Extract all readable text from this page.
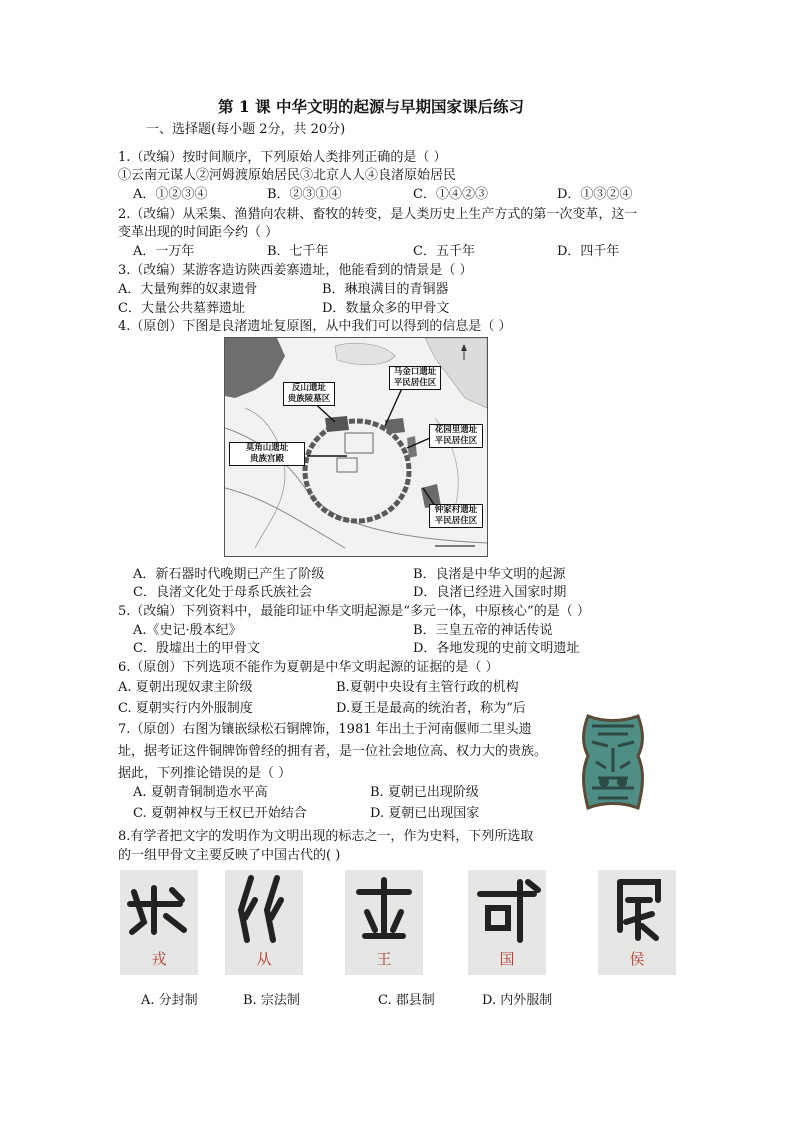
第 1 课 中华文明的起源与早期国家课后练习
一、选择题(每小题 2分，共 20分)
1.（改编）按时间顺序，下列原始人类排列正确的是（ ）
①云南元谋人②河姆渡原始居民③北京人人④良渚原始居民
A．①②③④	B．②③①④	C．①④②③	D．①③②④
2.（改编）从采集、渔猎向农耕、畜牧的转变，是人类历史上生产方式的第一次变革，这一
变革出现的时间距今约（ ）
A．一万年	B．七千年	C．五千年	D．四千年
3.（改编）某游客造访陕西姜寨遗址，他能看到的情景是（ ）
A．大量殉葬的奴隶遗骨	B．琳琅满目的青铜器
C．大量公共墓葬遗址	D．数量众多的甲骨文
4.（原创）下图是良渚遗址复原图，从中我们可以得到的信息是（ ）
反山遗址
贵族陵墓区
马金口遗址
平民居住区
花园里遗址
平民居住区
莫角山遗址
贵族宫殿
钟家村遗址
平民居住区
A．新石器时代晚期已产生了阶级	B．良渚是中华文明的起源
C．良渚文化处于母系氏族社会	D．良渚已经进入国家时期
5.（改编）下列资料中，最能印证中华文明起源是“多元一体，中原核心”的是（ ）
A.《史记·殷本纪》	B．三皇五帝的神话传说
C．殷墟出土的甲骨文	D．各地发现的史前文明遗址
6.（原创）下列选项不能作为夏朝是中华文明起源的证据的是（ ）
A. 夏朝出现奴隶主阶级	B.夏朝中央设有主管行政的机构
C. 夏朝实行内外服制度	D.夏王是最高的统治者，称为“后
7.（原创）右图为镶嵌绿松石铜牌饰，1981 年出土于河南偃师二里头遗
址，据考证这件铜牌饰曾经的拥有者，是一位社会地位高、权力大的贵族。
据此，下列推论错误的是（ ）
A. 夏朝青铜制造水平高	B. 夏朝已出现阶级
C. 夏朝神权与王权已开始结合	D. 夏朝已出现国家
8.有学者把文字的发明作为文明出现的标志之一，作为史料，下列所选取
的一组甲骨文主要反映了中国古代的( )
戎	从	王	国	侯
A. 分封制	B. 宗法制	C. 郡县制	D. 内外服制
